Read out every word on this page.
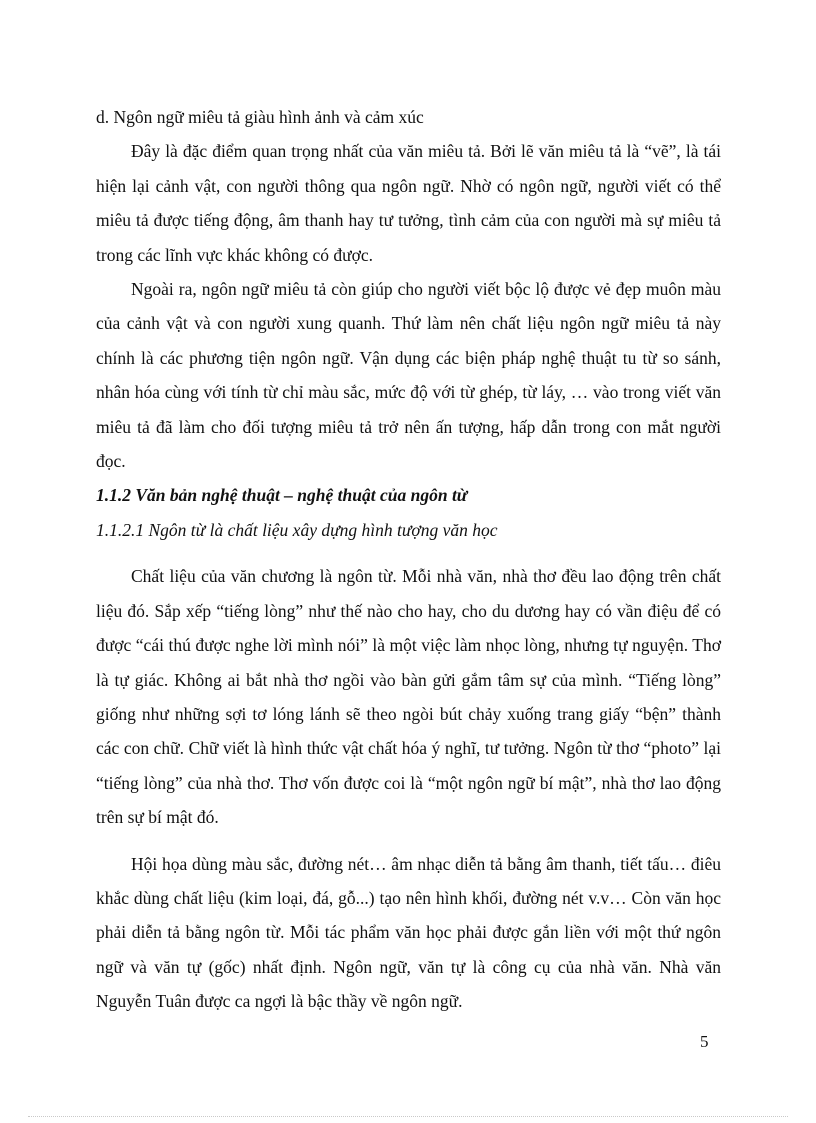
d. Ngôn ngữ miêu tả giàu hình ảnh và cảm xúc

Đây là đặc điểm quan trọng nhất của văn miêu tả. Bởi lẽ văn miêu tả là “vẽ”, là tái hiện lại cảnh vật, con người thông qua ngôn ngữ. Nhờ có ngôn ngữ, người viết có thể miêu tả được tiếng động, âm thanh hay tư tưởng, tình cảm của con người mà sự miêu tả trong các lĩnh vực khác không có được.

Ngoài ra, ngôn ngữ miêu tả còn giúp cho người viết bộc lộ được vẻ đẹp muôn màu của cảnh vật và con người xung quanh. Thứ làm nên chất liệu ngôn ngữ miêu tả này chính là các phương tiện ngôn ngữ. Vận dụng các biện pháp nghệ thuật tu từ so sánh, nhân hóa cùng với tính từ chỉ màu sắc, mức độ với từ ghép, từ láy, … vào trong viết văn miêu tả đã làm cho đối tượng miêu tả trở nên ấn tượng, hấp dẫn trong con mắt người đọc.

1.1.2 Văn bản nghệ thuật – nghệ thuật của ngôn từ

1.1.2.1 Ngôn từ là chất liệu xây dựng hình tượng văn học

Chất liệu của văn chương là ngôn từ. Mỗi nhà văn, nhà thơ đều lao động trên chất liệu đó. Sắp xếp “tiếng lòng” như thế nào cho hay, cho du dương hay có vần điệu để có được “cái thú được nghe lời mình nói” là một việc làm nhọc lòng, nhưng tự nguyện. Thơ là tự giác. Không ai bắt nhà thơ ngồi vào bàn gửi gắm tâm sự của mình. “Tiếng lòng” giống như những sợi tơ lóng lánh sẽ theo ngòi bút chảy xuống trang giấy “bện” thành các con chữ. Chữ viết là hình thức vật chất hóa ý nghĩ, tư tưởng. Ngôn từ thơ “photo” lại “tiếng lòng” của nhà thơ. Thơ vốn được coi là “một ngôn ngữ bí mật”, nhà thơ lao động trên sự bí mật đó.

Hội họa dùng màu sắc, đường nét… âm nhạc diễn tả bằng âm thanh, tiết tấu… điêu khắc dùng chất liệu (kim loại, đá, gỗ...) tạo nên hình khối, đường nét v.v… Còn văn học phải diễn tả bằng ngôn từ. Mỗi tác phẩm văn học phải được gắn liền với một thứ ngôn ngữ và văn tự (gốc) nhất định. Ngôn ngữ, văn tự là công cụ của nhà văn. Nhà văn Nguyễn Tuân được ca ngợi là bậc thầy về ngôn ngữ.

5
